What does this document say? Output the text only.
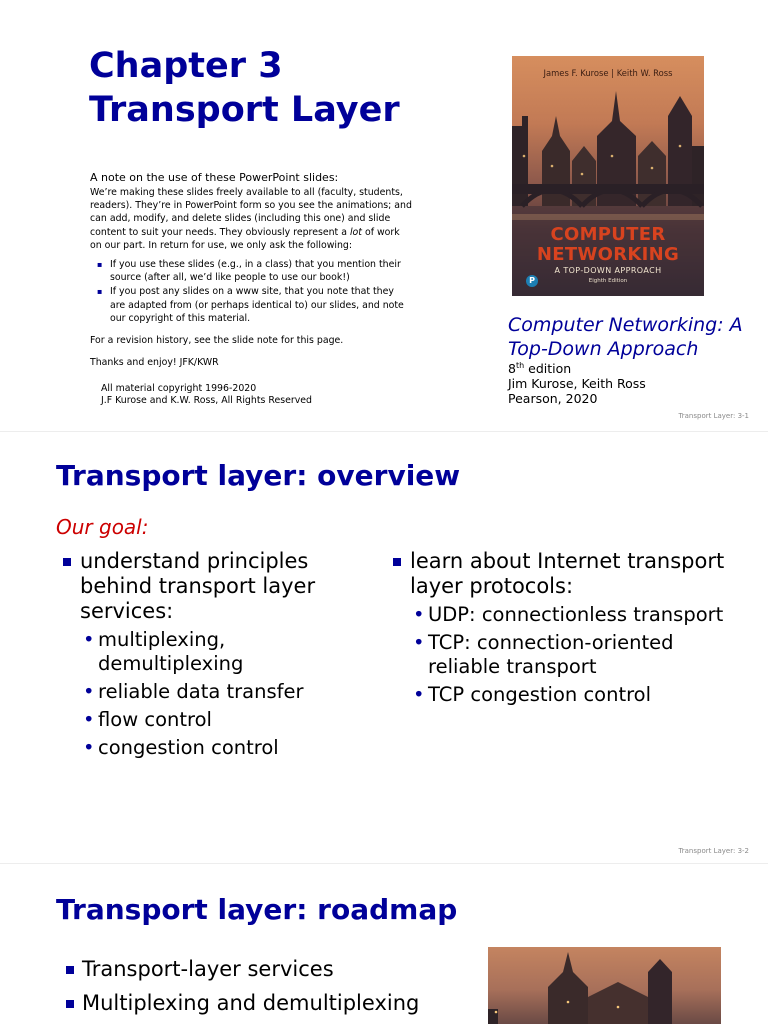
Chapter 3
Transport Layer

A note on the use of these PowerPoint slides:

We’re making these slides freely available to all (faculty, students, readers). They’re in PowerPoint form so you see the animations; and can add, modify, and delete slides (including this one) and slide content to suit your needs. They obviously represent a lot of work on our part. In return for use, we only ask the following:

▪ If you use these slides (e.g., in a class) that you mention their source (after all, we’d like people to use our book!)
▪ If you post any slides on a www site, that you note that they are adapted from (or perhaps identical to) our slides, and note our copyright of this material.

For a revision history, see the slide note for this page.

Thanks and enjoy! JFK/KWR

All material copyright 1996-2020
J.F Kurose and K.W. Ross, All Rights Reserved
James F. Kurose | Keith W. Ross
COMPUTER
NETWORKING
A TOP-DOWN APPROACH
Eighth Edition
P
Computer Networking: A Top-Down Approach
8th edition
Jim Kurose, Keith Ross
Pearson, 2020
Transport Layer: 3-1
Transport layer: overview
Our goal:
understand principles behind transport layer services:
• multiplexing, demultiplexing
• reliable data transfer
• flow control
• congestion control
learn about Internet transport layer protocols:
• UDP: connectionless transport
• TCP: connection-oriented reliable transport
• TCP congestion control
Transport Layer: 3-2
Transport layer: roadmap
Transport-layer services
Multiplexing and demultiplexing
